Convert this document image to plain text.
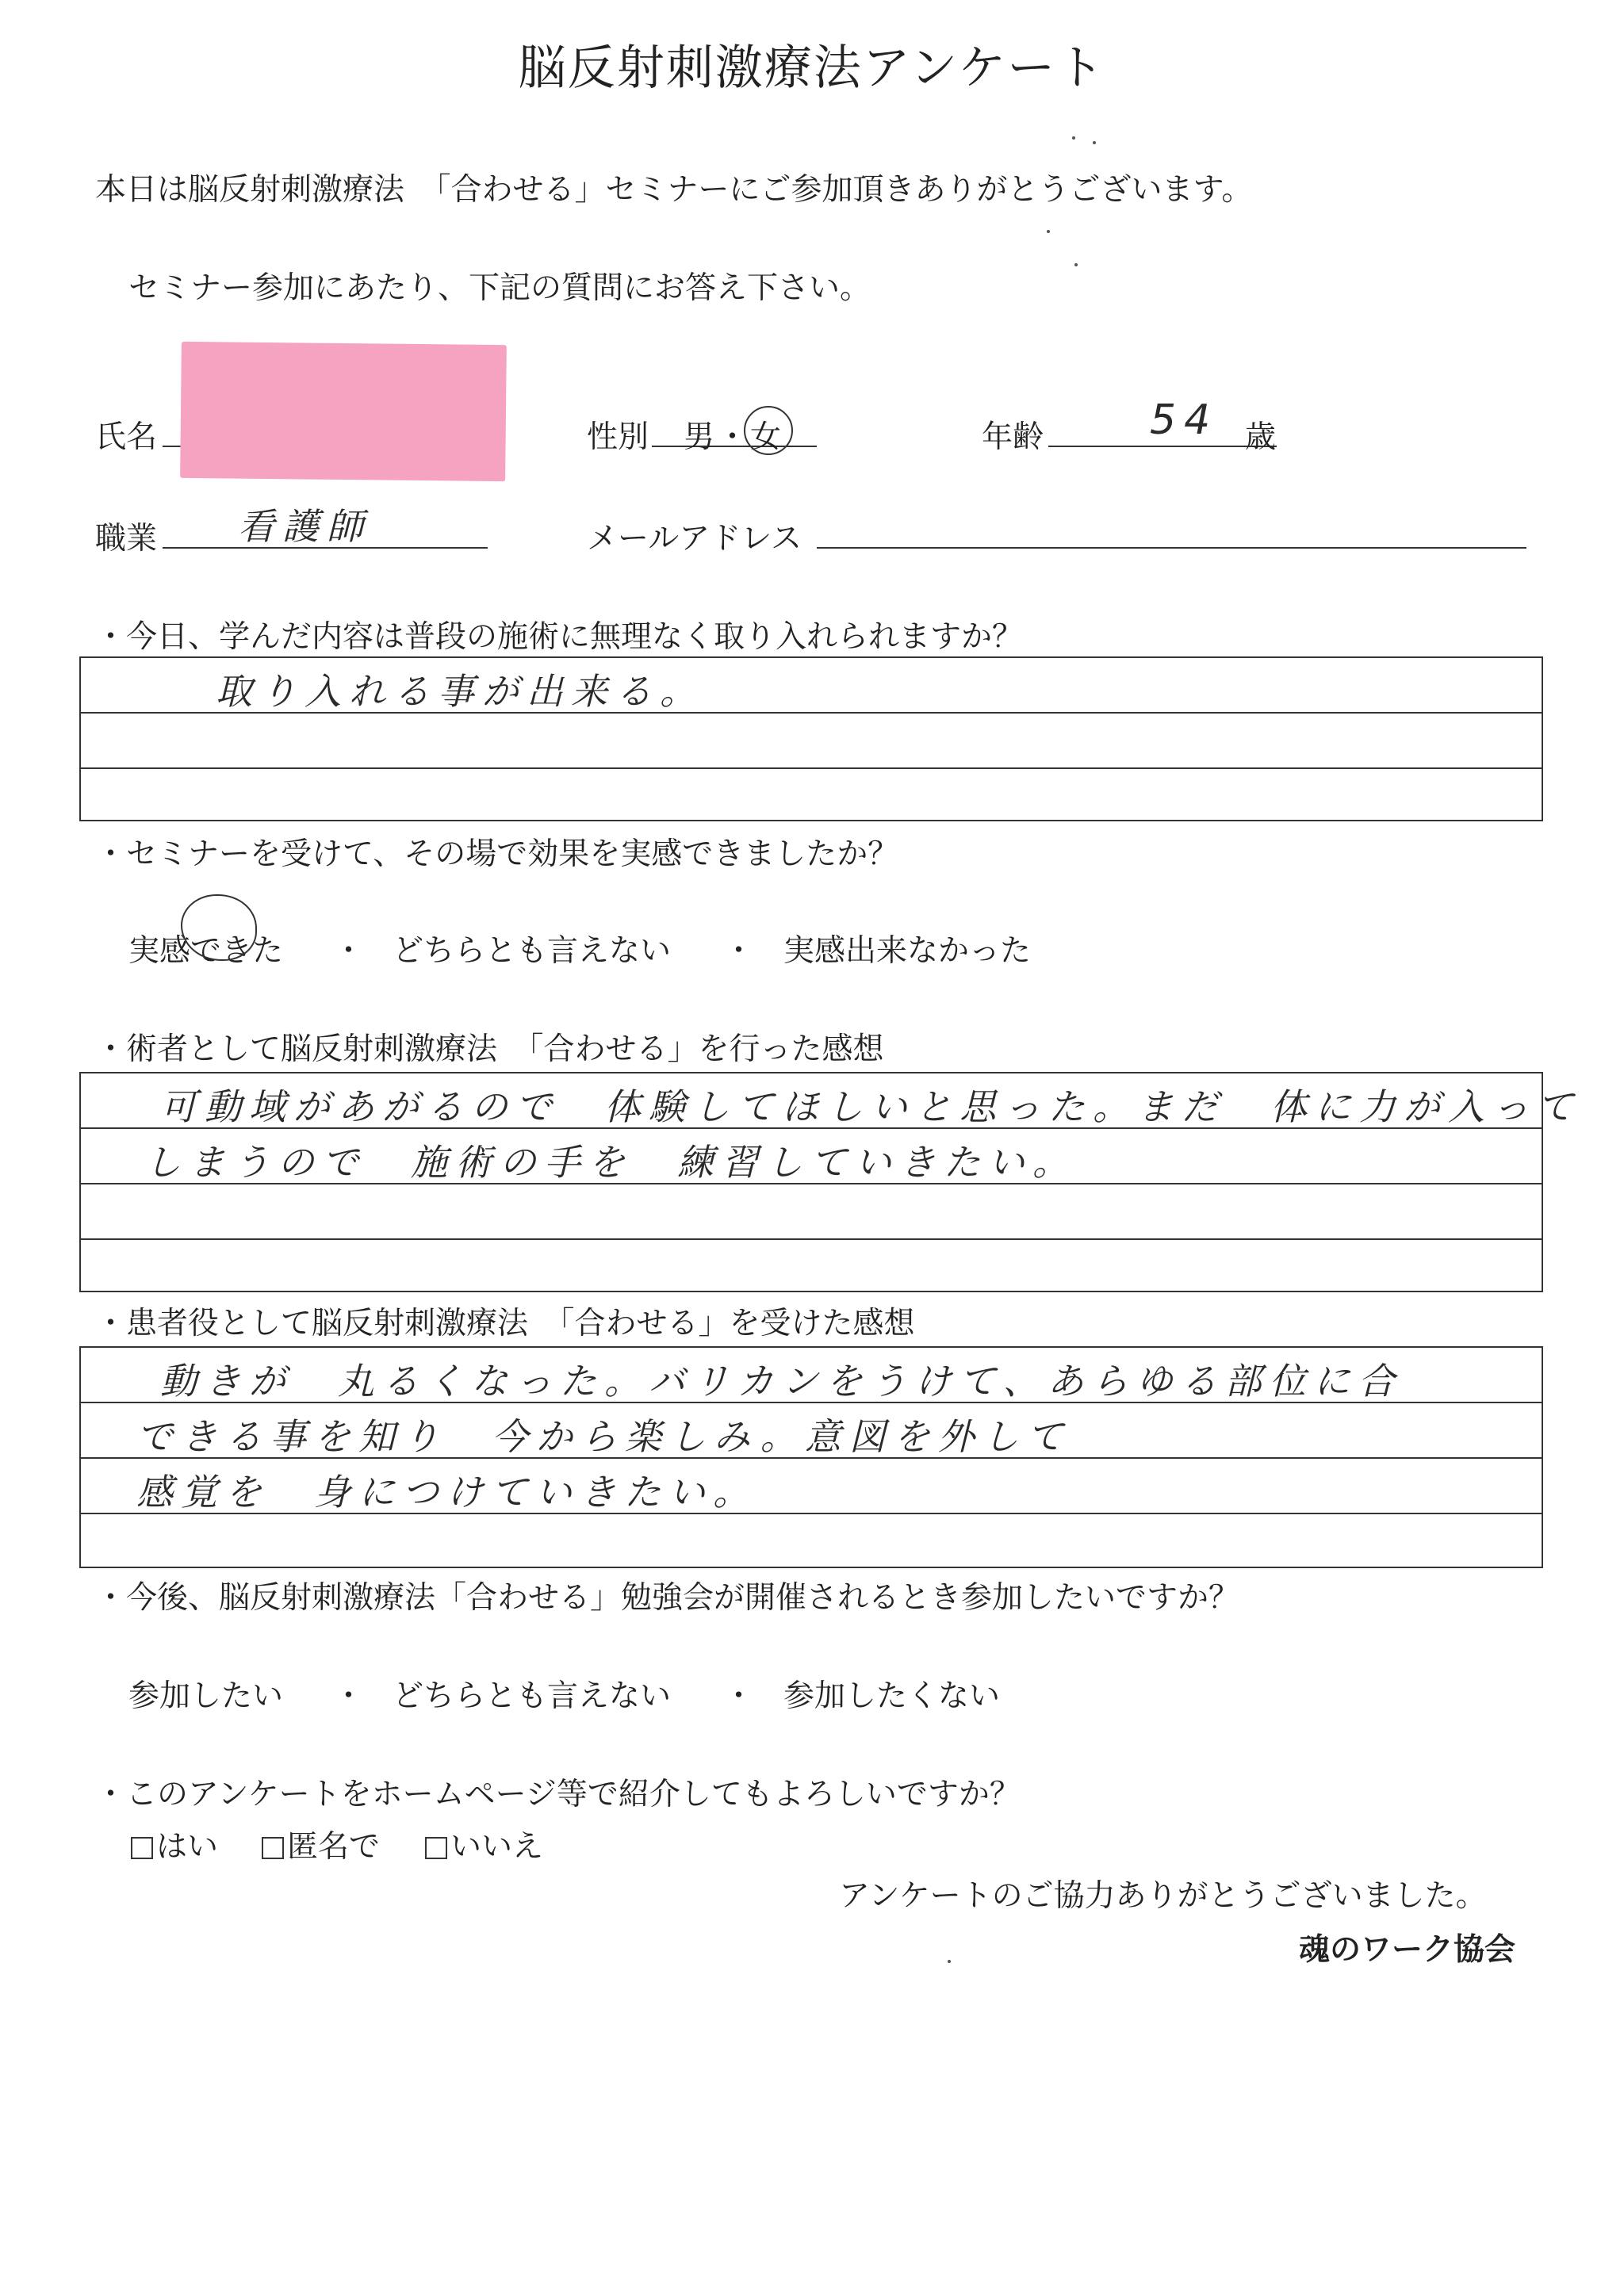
脳反射刺激療法アンケート
本日は脳反射刺激療法　「合わせる」セミナーにご参加頂きありがとうございます。
セミナー参加にあたり、下記の質問にお答え下さい。
氏名	性別 男 ・ 女	年齢	54 歳
職業 看護師	メールアドレス
・今日、学んだ内容は普段の施術に無理なく取り入れられますか？
取り入れる事が出来る。
・セミナーを受けて、その場で効果を実感できましたか？
実感できた ・ どちらとも言えない ・ 実感出来なかった
・術者として脳反射刺激療法　「合わせる」を行った感想
可動域があがるので　体験してほしいと思った。まだ　体に力が入って
しまうので　施術の手を　練習していきたい。
・患者役として脳反射刺激療法　「合わせる」を受けた感想
動きが　丸るくなった。バリカンをうけて、あらゆる部位に合
できる事を知り　今から楽しみ。意図を外して
感覚を　身につけていきたい。
・今後、脳反射刺激療法「合わせる」勉強会が開催されるとき参加したいですか？
参加したい ・ どちらとも言えない ・ 参加したくない
・このアンケートをホームページ等で紹介してもよろしいですか？
はい	匿名で	いいえ
アンケートのご協力ありがとうございました。
魂のワーク協会
